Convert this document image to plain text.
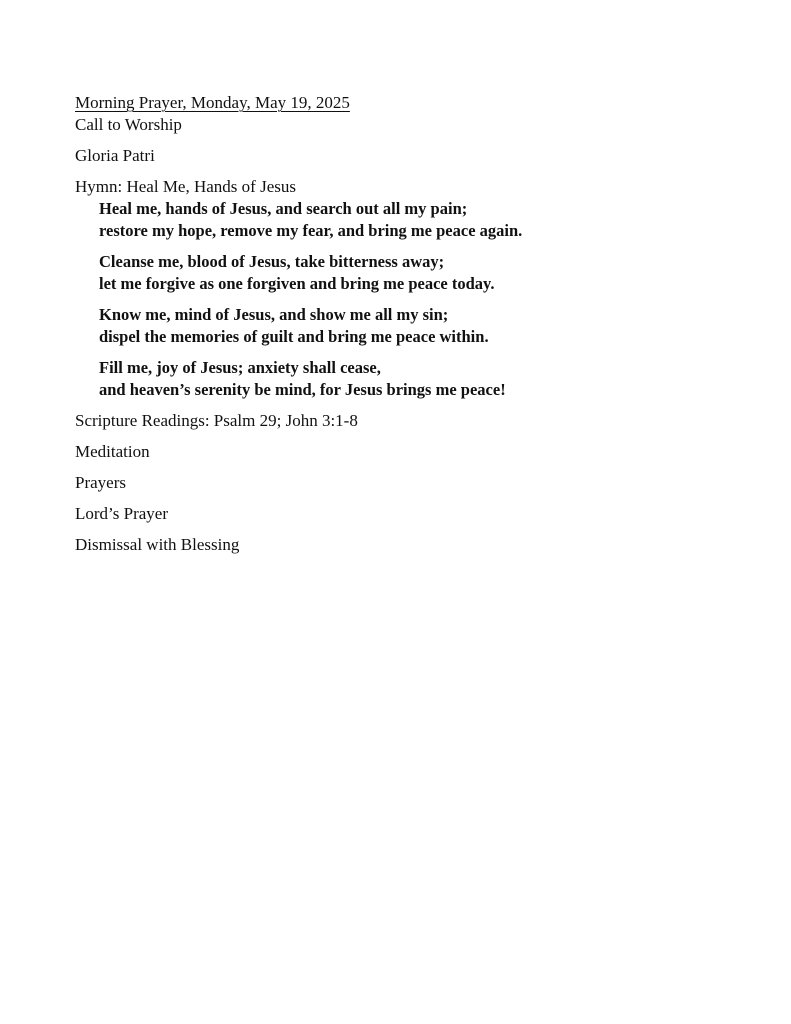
Morning Prayer, Monday, May 19, 2025
Call to Worship
Gloria Patri
Hymn: Heal Me, Hands of Jesus
Heal me, hands of Jesus, and search out all my pain;
restore my hope, remove my fear, and bring me peace again.
Cleanse me, blood of Jesus, take bitterness away;
let me forgive as one forgiven and bring me peace today.
Know me, mind of Jesus, and show me all my sin;
dispel the memories of guilt and bring me peace within.
Fill me, joy of Jesus; anxiety shall cease,
and heaven’s serenity be mind, for Jesus brings me peace!
Scripture Readings: Psalm 29; John 3:1-8
Meditation
Prayers
Lord’s Prayer
Dismissal with Blessing
